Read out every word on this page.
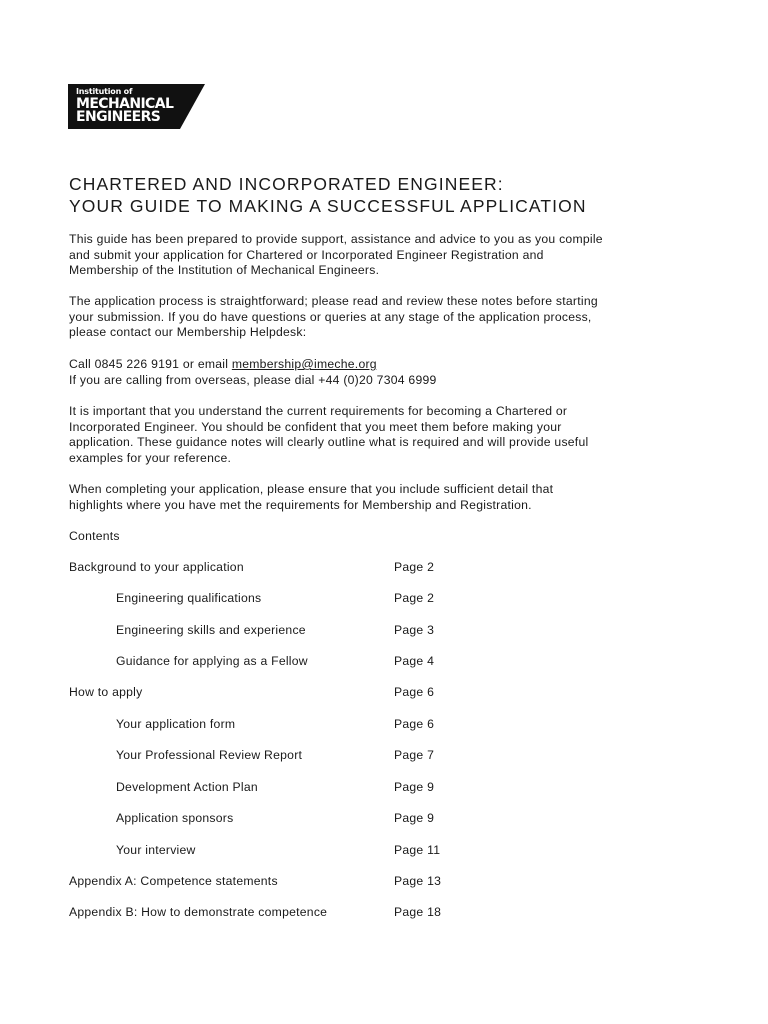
Institution of
MECHANICAL
ENGINEERS
CHARTERED AND INCORPORATED ENGINEER:
YOUR GUIDE TO MAKING A SUCCESSFUL APPLICATION

This guide has been prepared to provide support, assistance and advice to you as you compile
and submit your application for Chartered or Incorporated Engineer Registration and
Membership of the Institution of Mechanical Engineers.

The application process is straightforward; please read and review these notes before starting
your submission. If you do have questions or queries at any stage of the application process,
please contact our Membership Helpdesk:

Call 0845 226 9191 or email membership@imeche.org
If you are calling from overseas, please dial +44 (0)20 7304 6999

It is important that you understand the current requirements for becoming a Chartered or
Incorporated Engineer. You should be confident that you meet them before making your
application. These guidance notes will clearly outline what is required and will provide useful
examples for your reference.

When completing your application, please ensure that you include sufficient detail that
highlights where you have met the requirements for Membership and Registration.

Contents

Background to your application	Page 2
Engineering qualifications	Page 2
Engineering skills and experience	Page 3
Guidance for applying as a Fellow	Page 4
How to apply	Page 6
Your application form	Page 6
Your Professional Review Report	Page 7
Development Action Plan	Page 9
Application sponsors	Page 9
Your interview	Page 11
Appendix A: Competence statements	Page 13
Appendix B: How to demonstrate competence	Page 18
